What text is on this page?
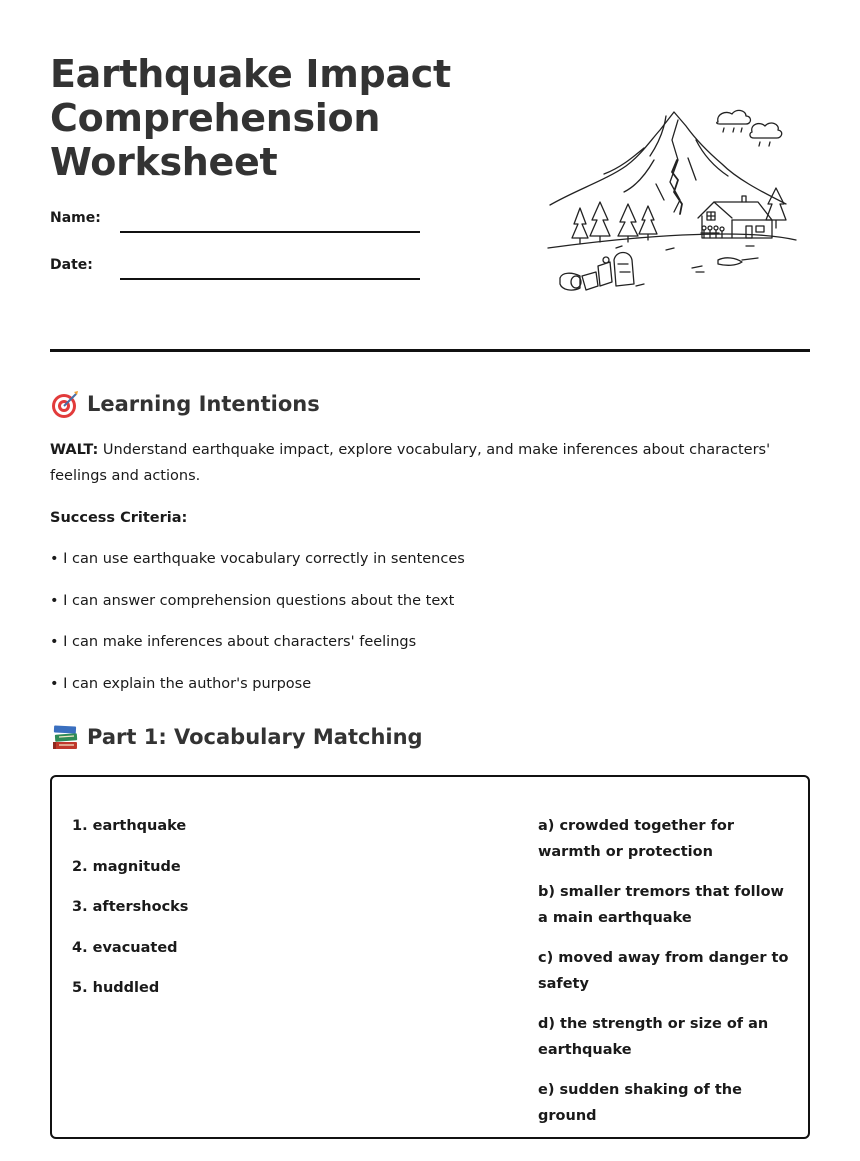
Earthquake Impact Comprehension Worksheet
Name:
Date:
Learning Intentions

WALT: Understand earthquake impact, explore vocabulary, and make inferences about characters' feelings and actions.

Success Criteria:

• I can use earthquake vocabulary correctly in sentences
• I can answer comprehension questions about the text
• I can make inferences about characters' feelings
• I can explain the author's purpose
Part 1: Vocabulary Matching
1. earthquake
2. magnitude
3. aftershocks
4. evacuated
5. huddled
a) crowded together for warmth or protection
b) smaller tremors that follow a main earthquake
c) moved away from danger to safety
d) the strength or size of an earthquake
e) sudden shaking of the ground
